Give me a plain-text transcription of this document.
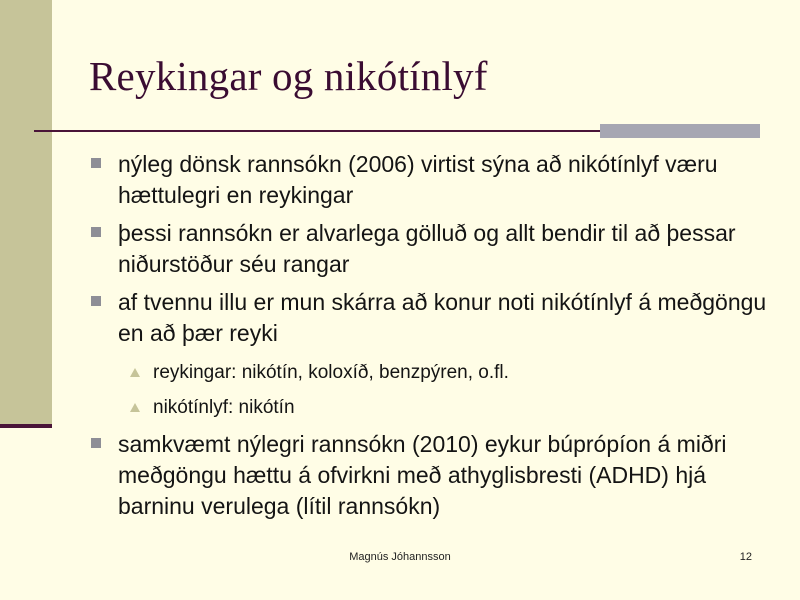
Reykingar og nikótínlyf
nýleg dönsk rannsókn (2006) virtist sýna að nikótínlyf væru hættulegri en reykingar
þessi rannsókn er alvarlega gölluð og allt bendir til að þessar niðurstöður séu rangar
af tvennu illu er mun skárra að konur noti nikótínlyf á meðgöngu en að þær reyki
reykingar: nikótín, koloxíð, benzpýren, o.fl.
nikótínlyf: nikótín
samkvæmt nýlegri rannsókn (2010) eykur búprópíon á miðri meðgöngu hættu á ofvirkni með athyglisbresti (ADHD) hjá barninu verulega (lítil rannsókn)
Magnús Jóhannsson	12
